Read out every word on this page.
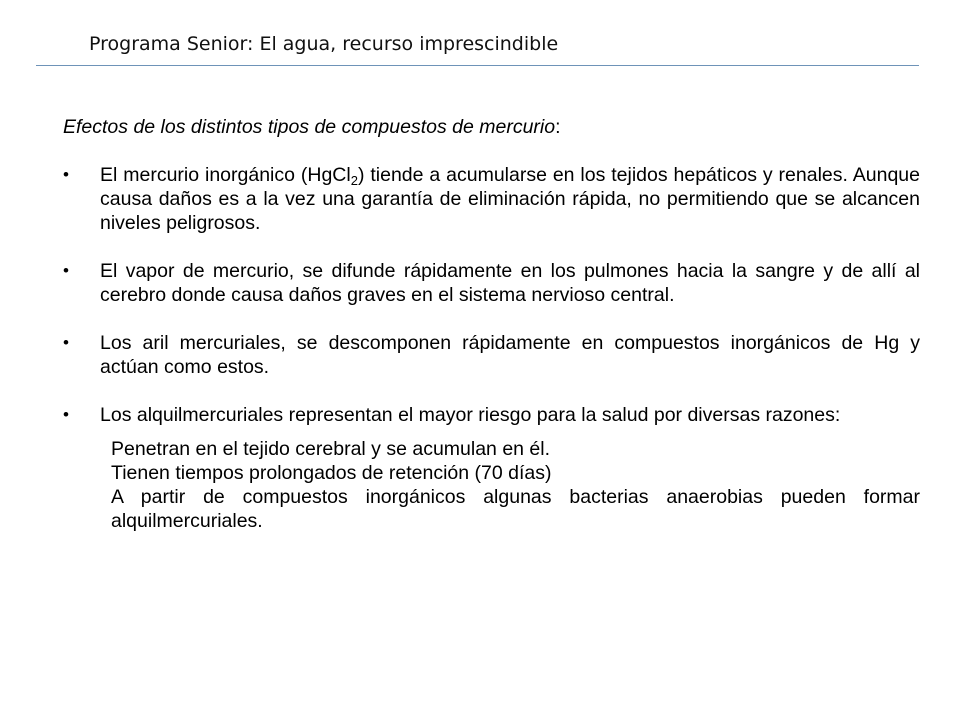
Programa Senior: El agua, recurso imprescindible

Efectos de los distintos tipos de compuestos de mercurio:

• El mercurio inorgánico (HgCl$_2$) tiende a acumularse en los tejidos hepáticos y renales. Aunque causa daños es a la vez una garantía de eliminación rápida, no permitiendo que se alcancen niveles peligrosos.
• El vapor de mercurio, se difunde rápidamente en los pulmones hacia la sangre y de allí al cerebro donde causa daños graves en el sistema nervioso central.
• Los aril mercuriales, se descomponen rápidamente en compuestos inorgánicos de Hg y actúan como estos.
• Los alquilmercuriales representan el mayor riesgo para la salud por diversas razones:

Penetran en el tejido cerebral y se acumulan en él.

Tienen tiempos prolongados de retención (70 días)

A partir de compuestos inorgánicos algunas bacterias anaerobias pueden formar alquilmercuriales.
